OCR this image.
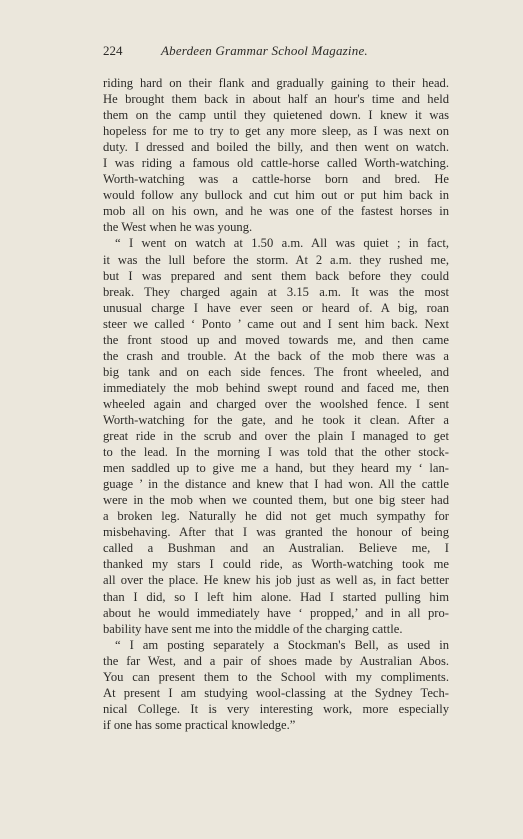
224	Aberdeen Grammar School Magazine.
riding hard on their flank and gradually gaining to their head.
He brought them back in about half an hour's time and held
them on the camp until they quietened down. I knew it was
hopeless for me to try to get any more sleep, as I was next on
duty. I dressed and boiled the billy, and then went on watch.
I was riding a famous old cattle-horse called Worth-watching.
Worth-watching was a cattle-horse born and bred. He
would follow any bullock and cut him out or put him back in
mob all on his own, and he was one of the fastest horses in
the West when he was young.
“ I went on watch at 1.50 a.m. All was quiet ; in fact,
it was the lull before the storm. At 2 a.m. they rushed me,
but I was prepared and sent them back before they could
break. They charged again at 3.15 a.m. It was the most
unusual charge I have ever seen or heard of. A big, roan
steer we called ‘ Ponto ’ came out and I sent him back. Next
the front stood up and moved towards me, and then came
the crash and trouble. At the back of the mob there was a
big tank and on each side fences. The front wheeled, and
immediately the mob behind swept round and faced me, then
wheeled again and charged over the woolshed fence. I sent
Worth-watching for the gate, and he took it clean. After a
great ride in the scrub and over the plain I managed to get
to the lead. In the morning I was told that the other stock-
men saddled up to give me a hand, but they heard my ‘ lan-
guage ’ in the distance and knew that I had won. All the cattle
were in the mob when we counted them, but one big steer had
a broken leg. Naturally he did not get much sympathy for
misbehaving. After that I was granted the honour of being
called a Bushman and an Australian. Believe me, I
thanked my stars I could ride, as Worth-watching took me
all over the place. He knew his job just as well as, in fact better
than I did, so I left him alone. Had I started pulling him
about he would immediately have ‘ propped,’ and in all pro-
bability have sent me into the middle of the charging cattle.
“ I am posting separately a Stockman's Bell, as used in
the far West, and a pair of shoes made by Australian Abos.
You can present them to the School with my compliments.
At present I am studying wool-classing at the Sydney Tech-
nical College. It is very interesting work, more especially
if one has some practical knowledge.”
